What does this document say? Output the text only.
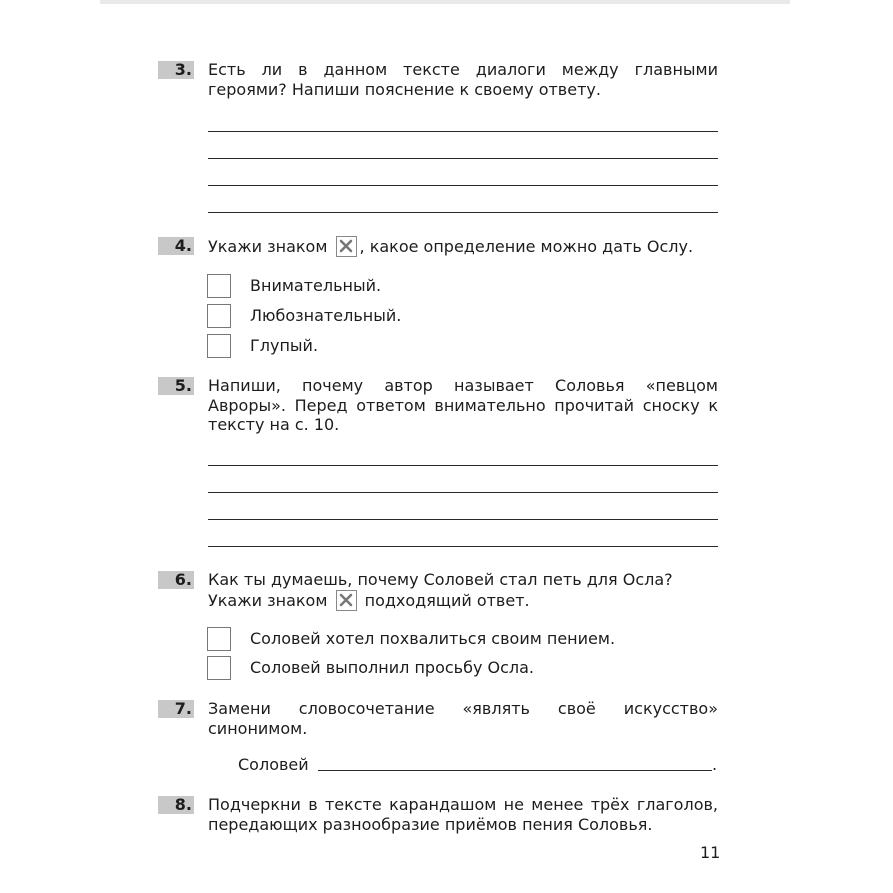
3. Есть ли в данном тексте диалоги между главными героями? Напиши пояснение к своему ответу.
4. Укажи знаком , какое определение можно дать Ослу.
Внимательный.
Любознательный.
Глупый.
5. Напиши, почему автор называет Соловья «певцом Авроры». Перед ответом внимательно прочитай сноску к тексту на с. 10.
6. Как ты думаешь, почему Соловей стал петь для Осла?
Укажи знаком подходящий ответ.
Соловей хотел похвалиться своим пением.
Соловей выполнил просьбу Осла.
7. Замени словосочетание «являть своё искусство» синонимом.
Соловей	.
8. Подчеркни в тексте карандашом не менее трёх глаголов, передающих разнообразие приёмов пения Соловья.
11
